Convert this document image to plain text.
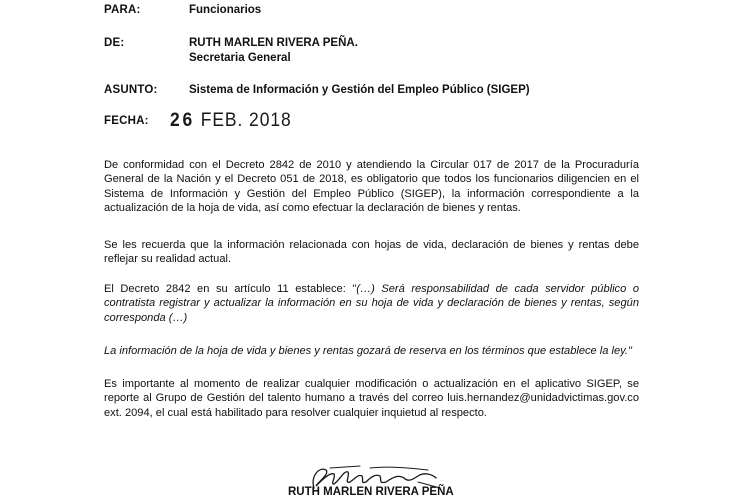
PARA:	Funcionarios
DE:	RUTH MARLEN RIVERA PEÑA.
Secretaria General
ASUNTO:	Sistema de Información y Gestión del Empleo Público (SIGEP)
FECHA: 26 FEB. 2018
De conformidad con el Decreto 2842 de 2010 y atendiendo la Circular 017 de 2017 de la Procuraduría General de la Nación y el Decreto 051 de 2018, es obligatorio que todos los funcionarios diligencien en el Sistema de Información y Gestión del Empleo Público (SIGEP), la información correspondiente a la actualización de la hoja de vida, así como efectuar la declaración de bienes y rentas.
Se les recuerda que la información relacionada con hojas de vida, declaración de bienes y rentas debe reflejar su realidad actual.
El Decreto 2842 en su artículo 11 establece: "(…) Será responsabilidad de cada servidor público o contratista registrar y actualizar la información en su hoja de vida y declaración de bienes y rentas, según corresponda (…)
La información de la hoja de vida y bienes y rentas gozará de reserva en los términos que establece la ley."
Es importante al momento de realizar cualquier modificación o actualización en el aplicativo SIGEP, se reporte al Grupo de Gestión del talento humano a través del correo luis.hernandez@unidadvictimas.gov.co ext. 2094, el cual está habilitado para resolver cualquier inquietud al respecto.
RUTH MARLEN RIVERA PEÑA
